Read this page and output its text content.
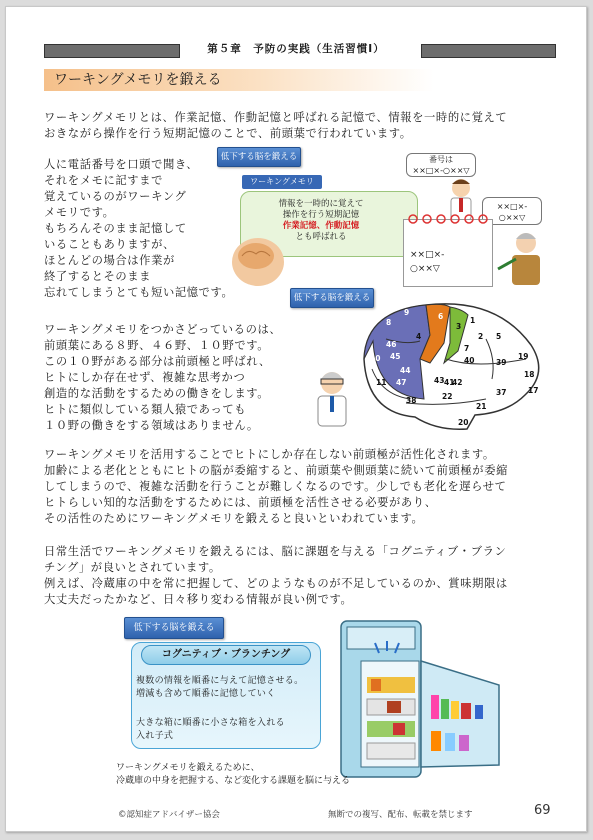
第５章　予防の実践（生活習慣Ⅰ）
ワーキングメモリを鍛える
ワーキングメモリとは、作業記憶、作動記憶と呼ばれる記憶で、情報を一時的に覚えて
おきながら操作を行う短期記憶のことで、前頭葉で行われています。
人に電話番号を口頭で聞き、
それをメモに記すまで
覚えているのがワーキング
メモリです。
もちろんそのまま記憶して
いることもありますが、
ほとんどの場合は作業が
終了するとそのまま
忘れてしまうとても短い記憶です。
低下する脳を鍛える
ワーキングメモリ
情報を一時的に覚えて
操作を行う短期記憶
作業記憶、作動記憶
とも呼ばれる
番号は
××□×-○××▽
××□×-
○××▽
××□×-
○××▽
低下する脳を鍛える
ワーキングメモリをつかさどっているのは、
前頭葉にある８野、４６野、１０野です。
この１０野がある部分は前頭極と呼ばれ、
ヒトにしか存在せず、複雑な思考かつ
創造的な活動をするための働きをします。
ヒトに類似している類人猿であっても
１０野の働きをする領域はありません。
8
9	6
4
3
1
2 5
7
46
10 45
47
44
40	39
19
18
17
37
38	22
21
20
11	41
42
43
ワーキングメモリを活用することでヒトにしか存在しない前頭極が活性化されます。
加齢による老化とともにヒトの脳が委縮すると、前頭葉や側頭葉に続いて前頭極が委縮
してしまうので、複雑な活動を行うことが難しくなるのです。少しでも老化を遅らせて
ヒトらしい知的な活動をするためには、前頭極を活性させる必要があり、
その活性のためにワーキングメモリを鍛えると良いといわれています。
日常生活でワーキングメモリを鍛えるには、脳に課題を与える「コグニティブ・ブラン
チング」が良いとされています。
例えば、冷蔵庫の中を常に把握して、どのようなものが不足しているのか、賞味期限は
大丈夫だったかなど、日々移り変わる情報が良い例です。
低下する脳を鍛える
コグニティブ・ブランチング
複数の情報を順番に与えて記憶させる。
増減も含めて順番に記憶していく
大きな箱に順番に小さな箱を入れる
入れ子式
ワーキングメモリを鍛えるために、
冷蔵庫の中身を把握する、など変化する課題を脳に与える
©認知症アドバイザー協会	無断での複写、配布、転載を禁じます	69
